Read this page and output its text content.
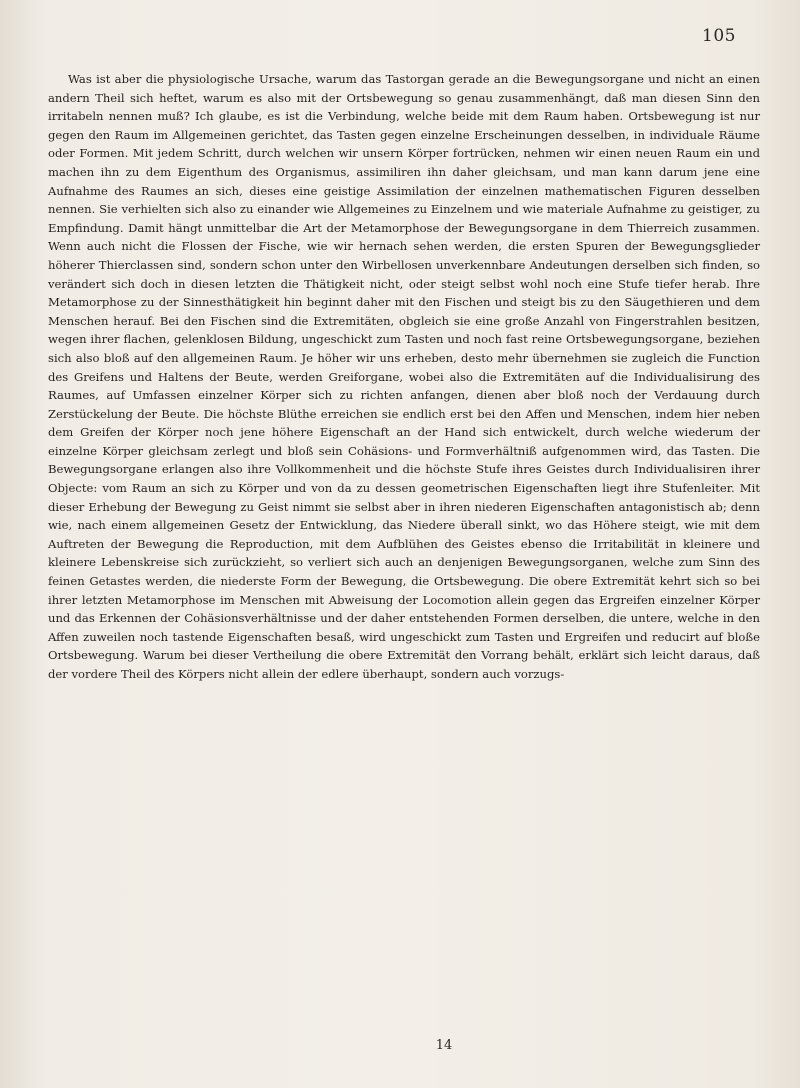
105

Was ist aber die physiologische Ursache, warum das Tastorgan gerade an die Bewegungsorgane und nicht an einen andern Theil sich heftet, warum es also mit der Ortsbewegung so genau zusammenhängt, daß man diesen Sinn den irritabeln nennen muß? Ich glaube, es ist die Verbindung, welche beide mit dem Raum haben. Ortsbewegung ist nur gegen den Raum im Allgemeinen gerichtet, das Tasten gegen einzelne Erscheinungen desselben, in individuale Räume oder Formen. Mit jedem Schritt, durch welchen wir unsern Körper fortrücken, nehmen wir einen neuen Raum ein und machen ihn zu dem Eigenthum des Organismus, assimiliren ihn daher gleichsam, und man kann darum jene eine Aufnahme des Raumes an sich, dieses eine geistige Assimilation der einzelnen mathematischen Figuren desselben nennen. Sie verhielten sich also zu einander wie Allgemeines zu Einzelnem und wie materiale Aufnahme zu geistiger, zu Empfindung. Damit hängt unmittelbar die Art der Metamorphose der Bewegungsorgane in dem Thierreich zusammen. Wenn auch nicht die Flossen der Fische, wie wir hernach sehen werden, die ersten Spuren der Bewegungsglieder höherer Thierclassen sind, sondern schon unter den Wirbellosen unverkennbare Andeutungen derselben sich finden, so verändert sich doch in diesen letzten die Thätigkeit nicht, oder steigt selbst wohl noch eine Stufe tiefer herab. Ihre Metamorphose zu der Sinnesthätigkeit hin beginnt daher mit den Fischen und steigt bis zu den Säugethieren und dem Menschen herauf. Bei den Fischen sind die Extremitäten, obgleich sie eine große Anzahl von Fingerstrahlen besitzen, wegen ihrer flachen, gelenklosen Bildung, ungeschickt zum Tasten und noch fast reine Ortsbewegungsorgane, beziehen sich also bloß auf den allgemeinen Raum. Je höher wir uns erheben, desto mehr übernehmen sie zugleich die Function des Greifens und Haltens der Beute, werden Greiforgane, wobei also die Extremitäten auf die Individualisirung des Raumes, auf Umfassen einzelner Körper sich zu richten anfangen, dienen aber bloß noch der Verdauung durch Zerstückelung der Beute. Die höchste Blüthe erreichen sie endlich erst bei den Affen und Menschen, indem hier neben dem Greifen der Körper noch jene höhere Eigenschaft an der Hand sich entwickelt, durch welche wiederum der einzelne Körper gleichsam zerlegt und bloß sein Cohäsions- und Formverhältniß aufgenommen wird, das Tasten. Die Bewegungsorgane erlangen also ihre Vollkommenheit und die höchste Stufe ihres Geistes durch Individualisiren ihrer Objecte: vom Raum an sich zu Körper und von da zu dessen geometrischen Eigenschaften liegt ihre Stufenleiter. Mit dieser Erhebung der Bewegung zu Geist nimmt sie selbst aber in ihren niederen Eigenschaften antagonistisch ab; denn wie, nach einem allgemeinen Gesetz der Entwicklung, das Niedere überall sinkt, wo das Höhere steigt, wie mit dem Auftreten der Bewegung die Reproduction, mit dem Aufblühen des Geistes ebenso die Irritabilität in kleinere und kleinere Lebenskreise sich zurückzieht, so verliert sich auch an denjenigen Bewegungsorganen, welche zum Sinn des feinen Getastes werden, die niederste Form der Bewegung, die Ortsbewegung. Die obere Extremität kehrt sich so bei ihrer letzten Metamorphose im Menschen mit Abweisung der Locomotion allein gegen das Ergreifen einzelner Körper und das Erkennen der Cohäsionsverhältnisse und der daher entstehenden Formen derselben, die untere, welche in den Affen zuweilen noch tastende Eigenschaften besaß, wird ungeschickt zum Tasten und Ergreifen und reducirt auf bloße Ortsbewegung. Warum bei dieser Vertheilung die obere Extremität den Vorrang behält, erklärt sich leicht daraus, daß der vordere Theil des Körpers nicht allein der edlere überhaupt, sondern auch vorzugs-

14
